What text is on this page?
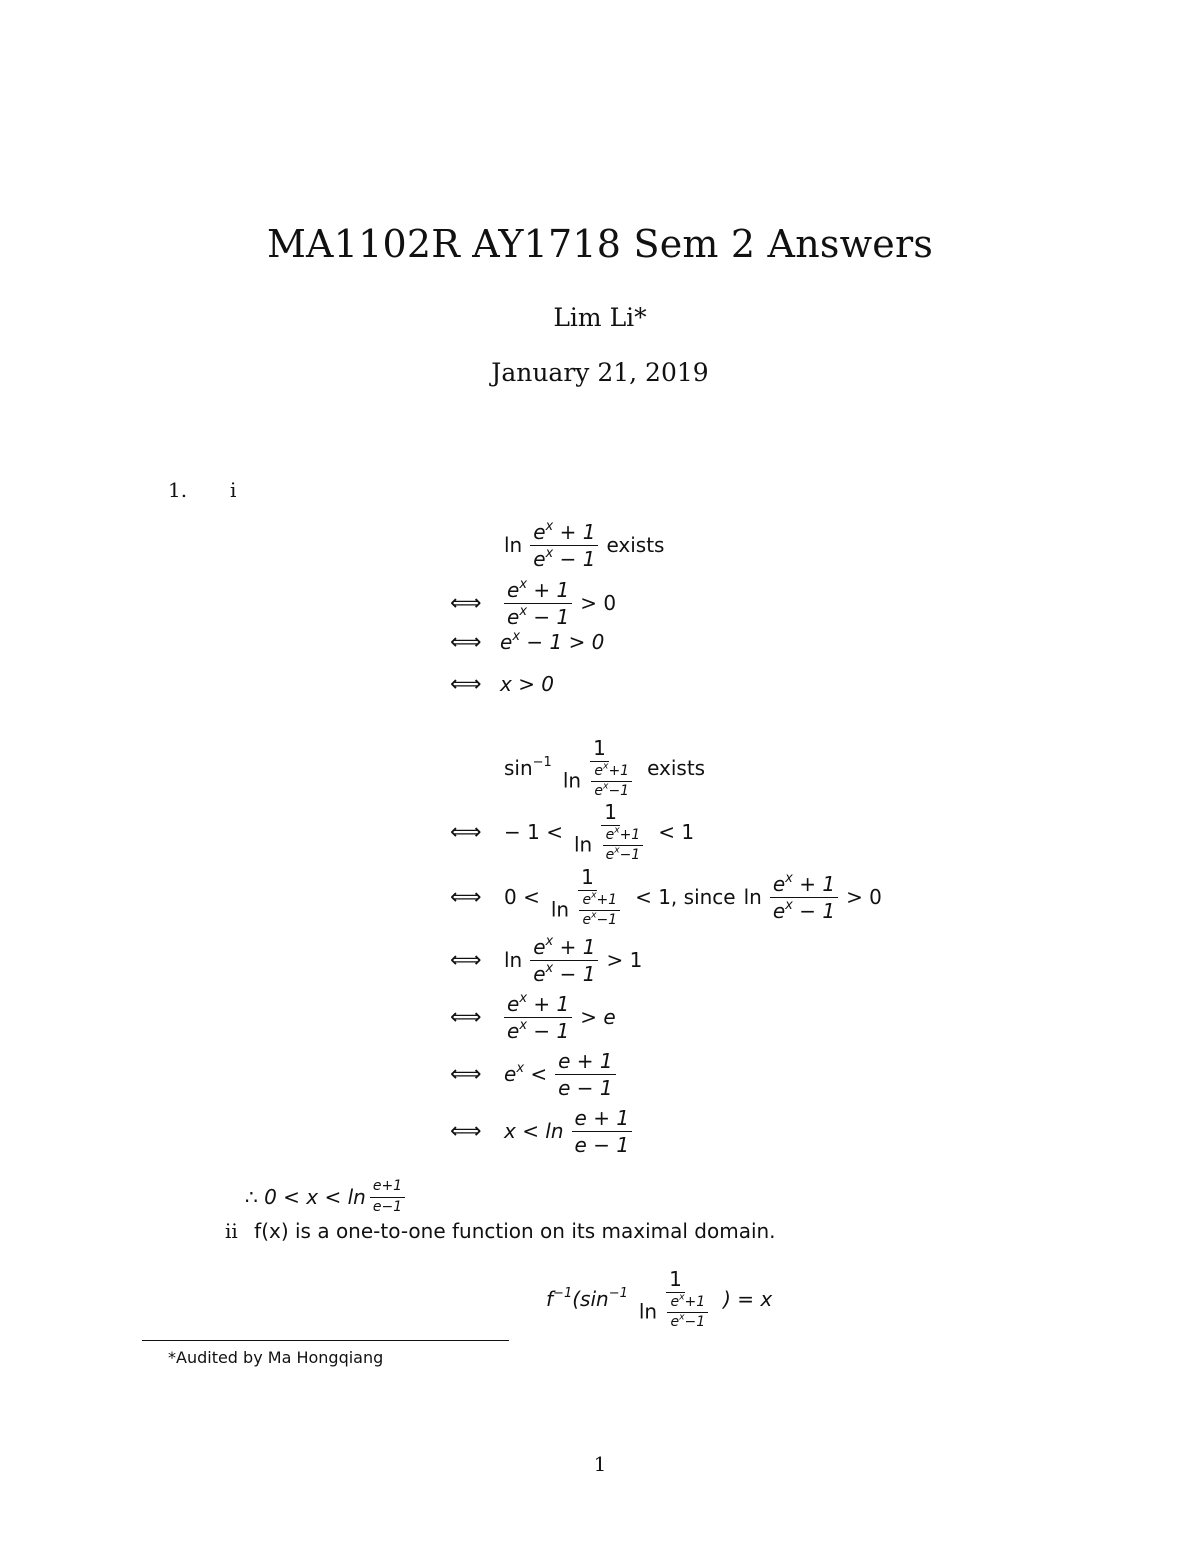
MA1102R AY1718 Sem 2 Answers
Lim Li*
January 21, 2019
1. i
$\ln \frac{e^x + 1}{e^x - 1}$ exists
⟺	$\frac{e^x + 1}{e^x - 1} > 0$
⟺ $e^x - 1 > 0$
⟺ x > 0
$\sin^{-1} \frac{1}{\ln \frac{e^x+1}{e^x-1}}$ exists
⟺	− $1 < \frac{1}{\ln \frac{e^x+1}{e^x-1}} < 1$
⟺	$0 < \frac{1}{\ln \frac{e^x+1}{e^x-1}} < 1$, since $\ln \frac{e^x + 1}{e^x - 1} > 0$
⟺	$\ln \frac{e^x + 1}{e^x - 1} > 1$
⟺	$\frac{e^x + 1}{e^x - 1} > e$
⟺	$e^x < \frac{e + 1}{e - 1}$
⟺	$x < \ln \frac{e + 1}{e - 1}$
∴ $0 < x < \ln \frac{e+1}{e-1}$
ii f(x) is a one-to-one function on its maximal domain.
$f^{-1}(\sin^{-1} \frac{1}{\ln \frac{e^x+1}{e^x-1}}$ ) = x
*Audited by Ma Hongqiang
1
